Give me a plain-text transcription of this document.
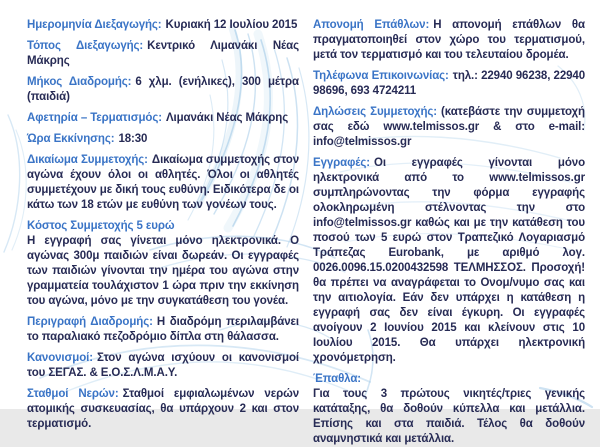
Ημερομηνία Διεξαγωγής: Κυριακή 12 Ιουλίου 2015

Τόπος Διεξαγωγής: Κεντρικό Λιμανάκι Νέας Μάκρης

Μήκος Διαδρομής: 6 χλμ. (ενήλικες), 300 μέτρα (παιδιά)

Αφετηρία – Τερματισμός: Λιμανάκι Νέας Μάκρης

Ώρα Εκκίνησης: 18:30

Δικαίωμα Συμμετοχής: Δικαίωμα συμμετοχής στον αγώνα έχουν όλοι οι αθλητές. Όλοι οι αθλητές συμμετέχουν με δική τους ευθύνη. Ειδικότερα δε οι κάτω των 18 ετών με ευθύνη των γονέων τους.

Κόστος Συμμετοχής 5 ευρώ
Η εγγραφή σας γίνεται μόνο ηλεκτρονικά. Ο αγώνας 300μ παιδιών είναι δωρεάν. Οι εγγραφές των παιδιών γίνονται την ημέρα του αγώνα στην γραμματεία τουλάχιστον 1 ώρα πριν την εκκίνηση του αγώνα, μόνο με την συγκατάθεση του γονέα.

Περιγραφή Διαδρομής: Η διαδρόμη περιλαμβάνει το παραλιακό πεζοδρόμιο δίπλα στη θάλασσα.

Κανονισμοί: Στον αγώνα ισχύουν οι κανονισμοί του ΣΕΓΑΣ. & Ε.Ο.Σ.Λ.Μ.Α.Υ.

Σταθμοί Νερών: Σταθμοί εμφιαλωμένων νερών ατομικής συσκευασίας, θα υπάρχουν 2 και στον τερματισμό.

Απονομή Επάθλων: Η απονομή επάθλων θα πραγματοποιηθεί στον χώρο του τερματισμού, μετά τον τερματισμό και του τελευταίου δρομέα.

Τηλέφωνα Επικοινωνίας: τηλ.: 22940 96238, 22940 98696, 693 4724211

Δηλώσεις Συμμετοχής: (κατεβάστε την συμμετοχή σας εδώ www.telmissos.gr & στο e-mail: info@telmissos.gr

Εγγραφές: Οι εγγραφές γίνονται μόνο ηλεκτρονικά από το www.telmissos.gr συμπληρώνοντας την φόρμα εγγραφής ολοκληρωμένη στέλνοντας την στο info@telmissos.gr καθώς και με την κατάθεση του ποσού των 5 ευρώ στον Τραπεζικό Λογαριασμό Τράπεζας Eurobank, με αριθμό λογ. 0026.0096.15.0200432598 ΤΕΛΜΗΣΣΟΣ. Προσοχή! θα πρέπει να αναγράφεται το Ονομ/νυμο σας και την αιτιολογία. Εάν δεν υπάρχει η κατάθεση η εγγραφή σας δεν είναι έγκυρη. Οι εγγραφές ανοίγουν 2 Ιουνίου 2015 και κλείνουν στις 10 Ιουλίου 2015. Θα υπάρχει ηλεκτρονική χρονόμετρηση.

Έπαθλα:
Για τους 3 πρώτους νικητές/τριες γενικής κατάταξης, θα δοθούν κύπελλα και μετάλλια. Επίσης και στα παιδιά. Τέλος θα δοθούν αναμνηστικά και μετάλλια.
